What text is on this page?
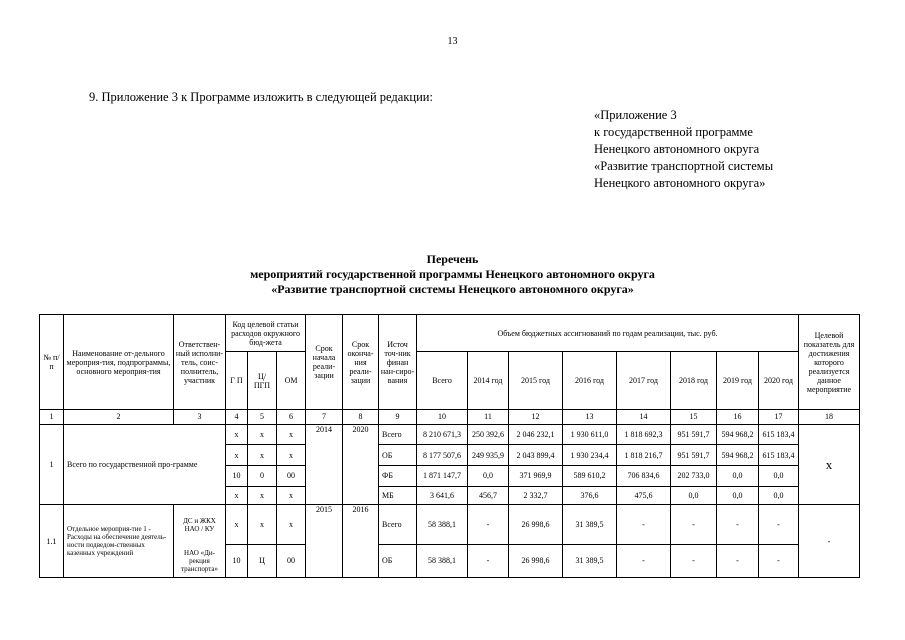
13
9. Приложение 3 к Программе изложить в следующей редакции:
«Приложение 3
к государственной программе
Ненецкого автономного округа
«Развитие транспортной системы
Ненецкого автономного округа»
Перечень
мероприятий государственной программы Ненецкого автономного округа
«Развитие транспортной системы Ненецкого автономного округа»
№ п/ п	Наименование от-дельного мероприя-тия, подпрограммы, основного мероприя-тия	Ответствен-ный исполни-тель, соис-полнитель, участник	Код целевой статьи расходов окружного бюд-жета			Срок начала реали-зации	Срок оконча-ния реали-зации	Источ точ-ник финан нан-сиро-вания	Объем бюджетных ассигнований по годам реализации, тыс. руб.								Целевой показатель для достижения которого реализуется данное мероприятие
			Г П	Ц/ ПГП	ОМ				Всего	2014 год	2015 год	2016 год	2017 год	2018 год	2019 год	2020 год	
1	2	3	4	5	6	7	8	9	10	11	12	13	14	15	16	17	18
1	Всего по государственной про-грамме		х	х	х	2014	2020	Всего	8 210 671,3	250 392,6	2 046 232,1	1 930 611,0	1 818 692,3	951 591,7	594 968,2	615 183,4	x
			х	х	х			ОБ	8 177 507,6	249 935,9	2 043 899,4	1 930 234,4	1 818 216,7	951 591,7	594 968,2	615 183,4	
			10	0	00			ФБ	1 871 147,7	0,0	371 969,9	589 610,2	706 834,6	202 733,0	0,0	0,0	
			х	х	х			МБ	3 641,6	456,7	2 332,7	376,6	475,6	0,0	0,0	0,0	
1.1	Отдельное мероприя-тие 1 - Расходы на обеспечение деятель-ности подведом-ственных казенных учреждений	ДС и ЖКХ НАО / КУ	х	х	х	2015	2016	Всего	58 388,1	-	26 998,6	31 389,5	-	-	-	-	-
		НАО «Ди-рекция транспорта»	10	Ц	00			ОБ	58 388,1	-	26 998,6	31 389,5	-	-	-	-	
